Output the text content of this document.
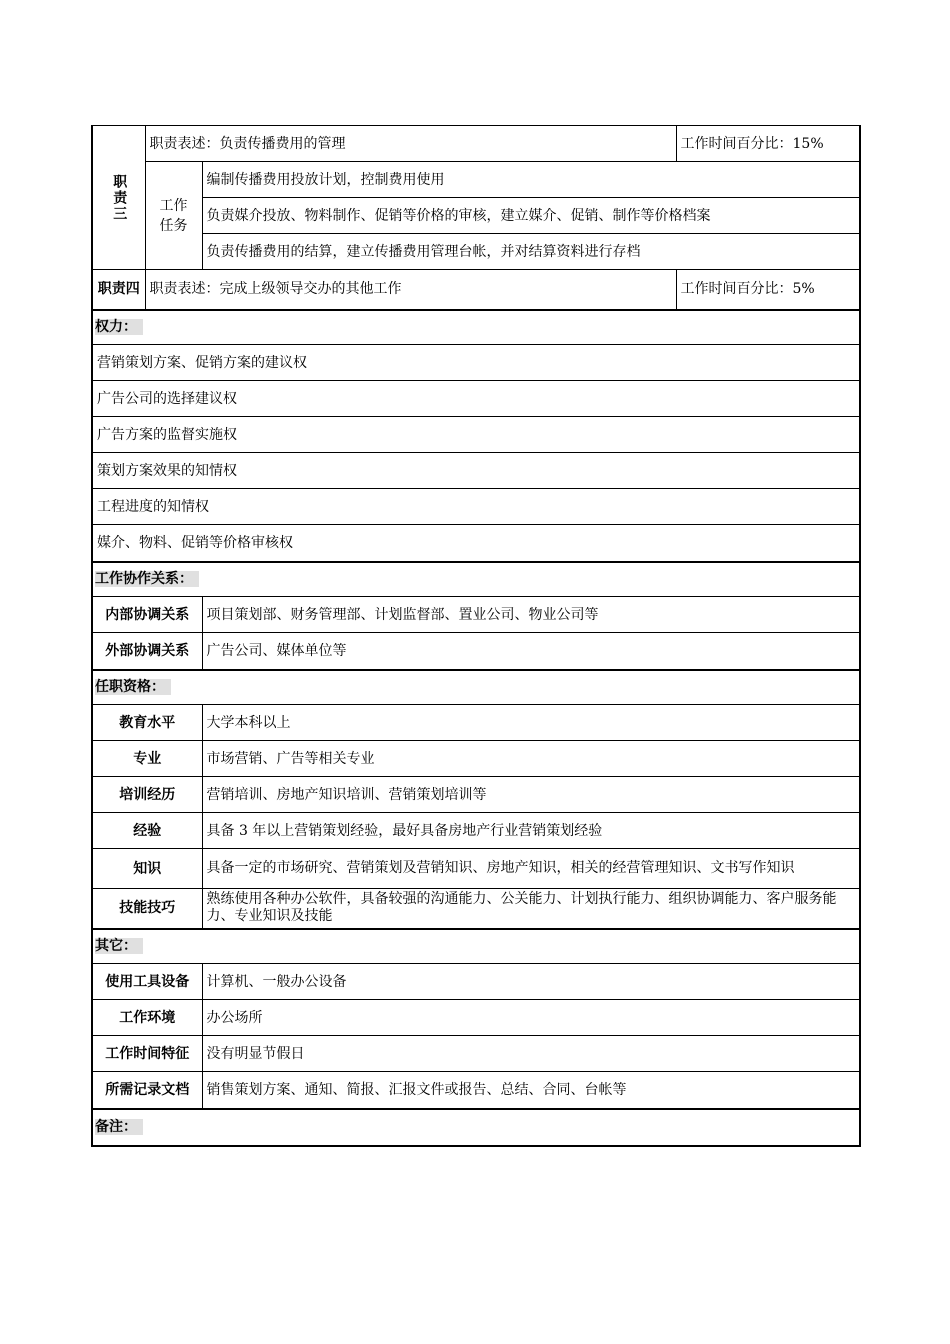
职责三	职责表述：负责传播费用的管理		工作时间百分比：15%
	工作任务	编制传播费用投放计划，控制费用使用	
		负责媒介投放、物料制作、促销等价格的审核，建立媒介、促销、制作等价格档案	
		负责传播费用的结算，建立传播费用管理台帐，并对结算资料进行存档	
职责四	职责表述：完成上级领导交办的其他工作		工作时间百分比：5%
权力：			
营销策划方案、促销方案的建议权			
广告公司的选择建议权			
广告方案的监督实施权			
策划方案效果的知情权			
工程进度的知情权			
媒介、物料、促销等价格审核权			
工作协作关系：			
内部协调关系		项目策划部、财务管理部、计划监督部、置业公司、物业公司等	
外部协调关系		广告公司、媒体单位等	
任职资格：			
教育水平		大学本科以上	
专业		市场营销、广告等相关专业	
培训经历		营销培训、房地产知识培训、营销策划培训等	
经验		具备 3 年以上营销策划经验，最好具备房地产行业营销策划经验	
知识		具备一定的市场研究、营销策划及营销知识、房地产知识，相关的经营管理知识、文书写作知识	
技能技巧		熟练使用各种办公软件，具备较强的沟通能力、公关能力、计划执行能力、组织协调能力、客户服务能力、专业知识及技能	
其它：			
使用工具设备		计算机、一般办公设备	
工作环境		办公场所	
工作时间特征		没有明显节假日	
所需记录文档		销售策划方案、通知、简报、汇报文件或报告、总结、合同、台帐等	
备注：			
